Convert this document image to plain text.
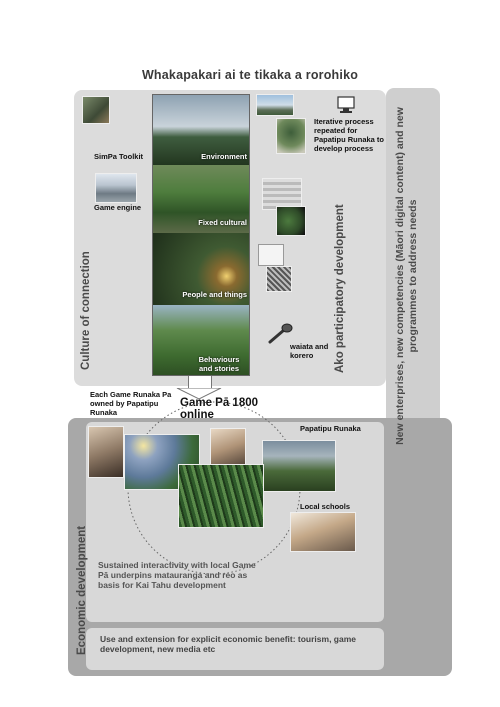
Whakapakari ai te tikaka a rorohiko
Culture of connection	Ako participatory development
Economic development
New enterprises, new competencies (Māori digital content) and new programmes to address needs
SimPa Toolkit
Game engine
Iterative process repeated for Papatipu Runaka to develop process
waiata and korero
Environment
Fixed cultural
People and things
Behaviours and stories
Each Game Runaka Pa owned by Papatipu Runaka
Game Pā 1800 online
Papatipu Runaka
Local schools
Sustained interactivity with local Game Pā underpins matauranga and reo as basis for Kai Tahu development
Use and extension for explicit economic benefit: tourism, game development, new media etc
